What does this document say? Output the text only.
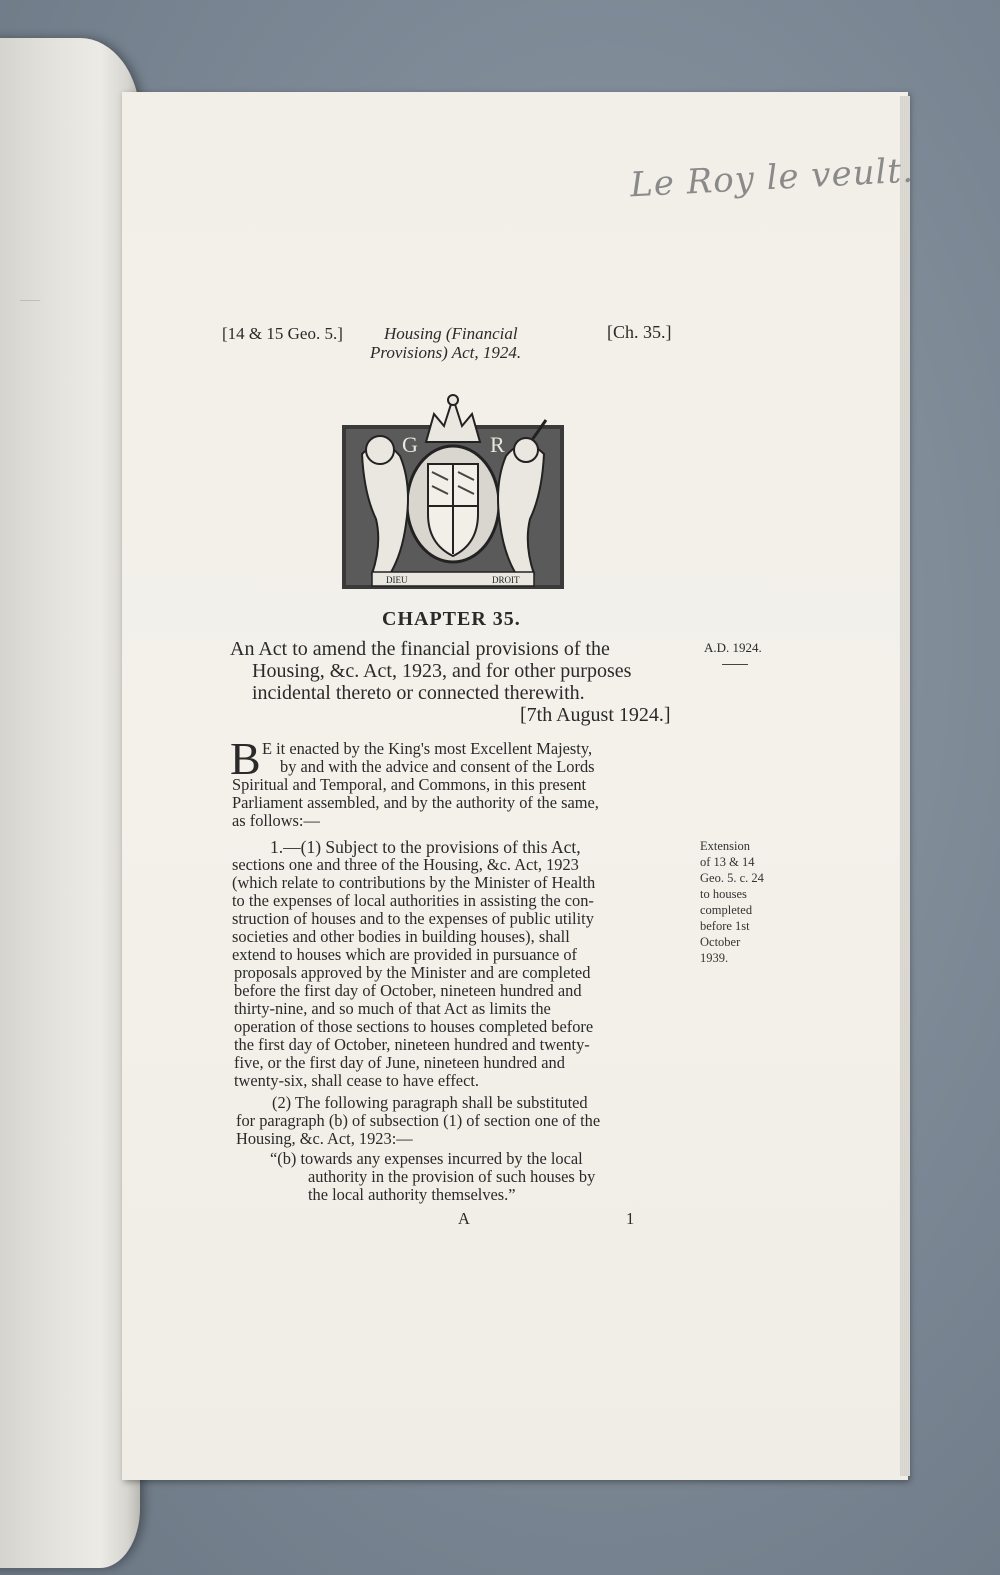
—

Le Roy le veult.
[14 & 15 Geo. 5.] Housing (Financial
Provisions) Act, 1924.
[Ch. 35.]
G	R
DIEU	DROIT
CHAPTER 35.
An Act to amend the financial provisions of the
Housing, &c. Act, 1923, and for other purposes
incidental thereto or connected therewith.
[7th August 1924.]
A.D. 1924.
B E it enacted by the King's most Excellent Majesty,
by and with the advice and consent of the Lords
Spiritual and Temporal, and Commons, in this present
Parliament assembled, and by the authority of the same,
as follows:—
1.—(1) Subject to the provisions of this Act,
sections one and three of the Housing, &c. Act, 1923
(which relate to contributions by the Minister of Health
to the expenses of local authorities in assisting the con-
struction of houses and to the expenses of public utility
societies and other bodies in building houses), shall
extend to houses which are provided in pursuance of
proposals approved by the Minister and are completed
before the first day of October, nineteen hundred and
thirty-nine, and so much of that Act as limits the
operation of those sections to houses completed before
the first day of October, nineteen hundred and twenty-
five, or the first day of June, nineteen hundred and
twenty-six, shall cease to have effect.
(2) The following paragraph shall be substituted
for paragraph (b) of subsection (1) of section one of the
Housing, &c. Act, 1923:—
“(b) towards any expenses incurred by the local
authority in the provision of such houses by
the local authority themselves.”
Extension
of 13 & 14
Geo. 5. c. 24
to houses
completed
before 1st
October
1939.
A	1
